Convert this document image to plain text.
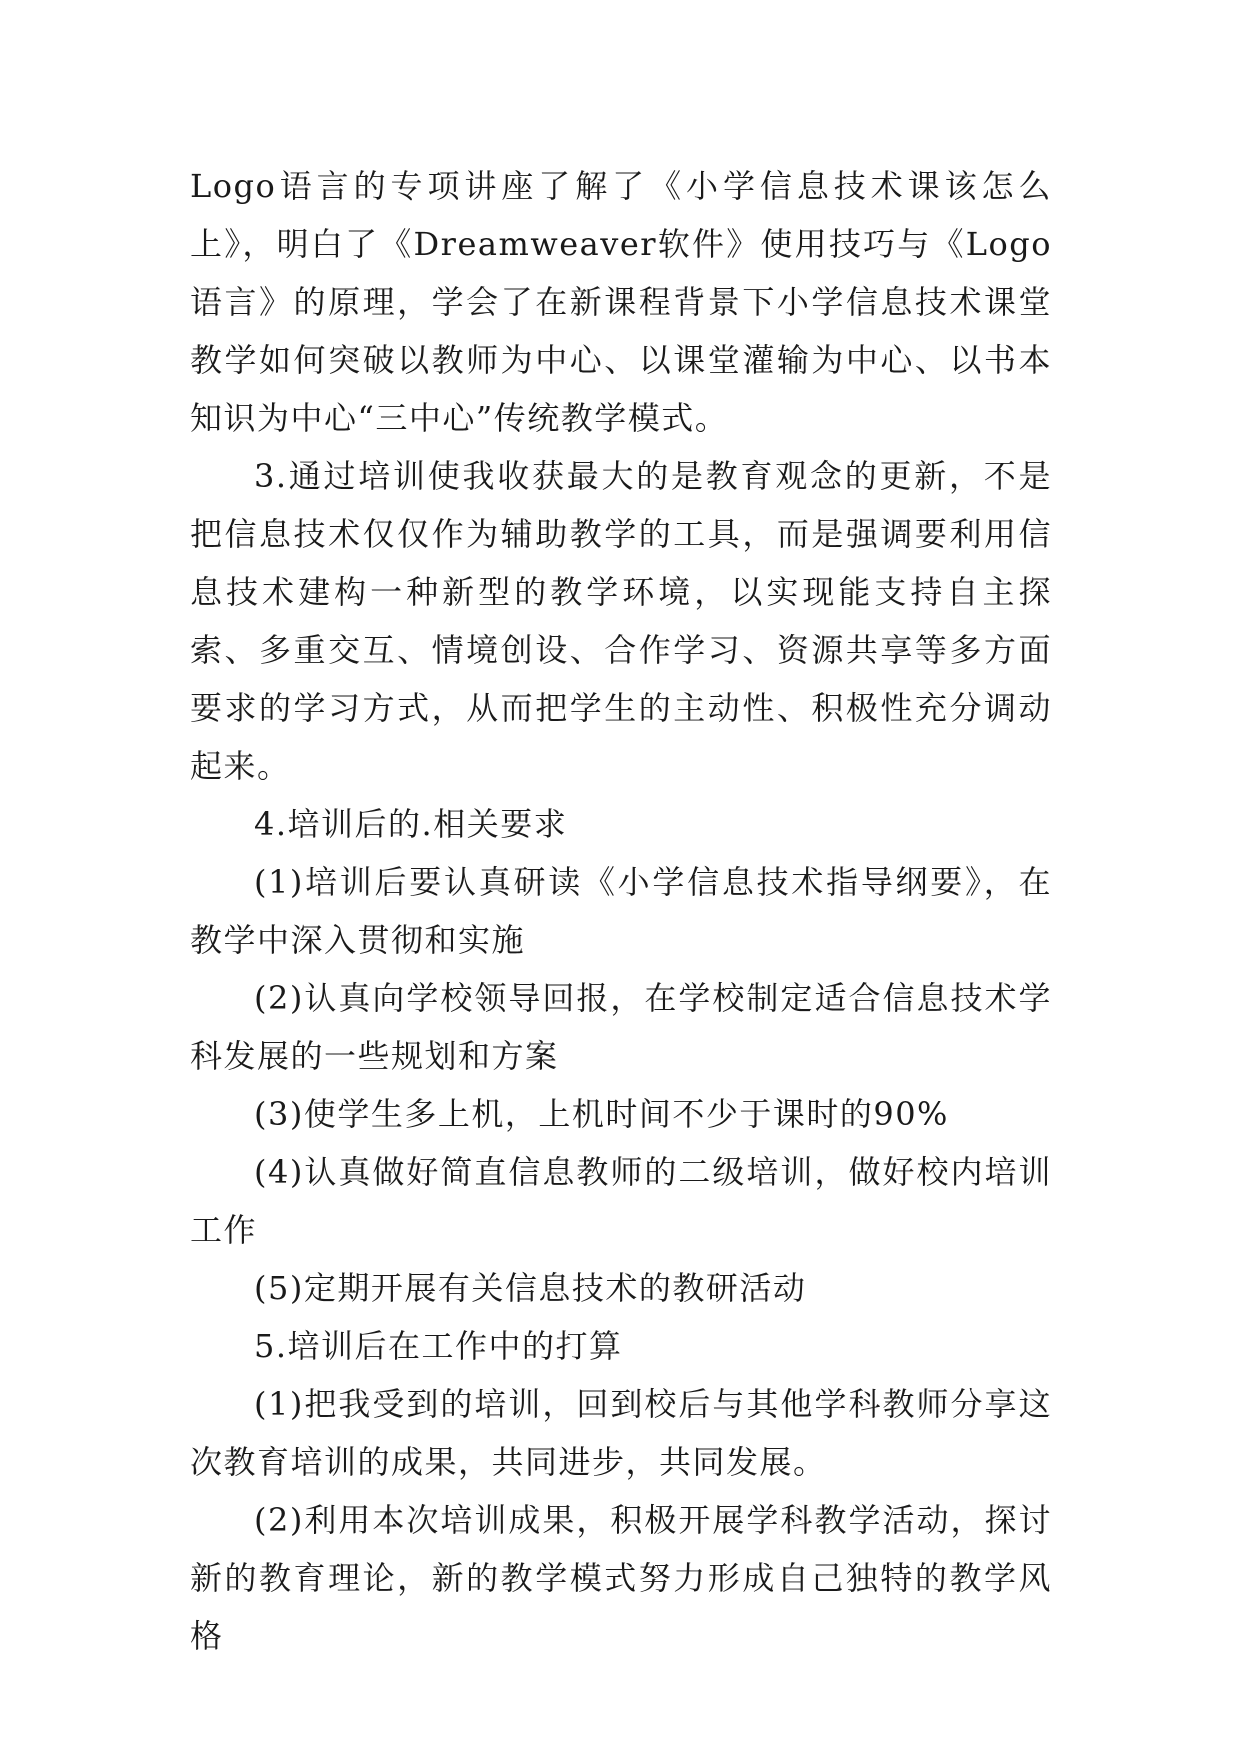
Logo语言的专项讲座了解了《小学信息技术课该怎么上》，明白了《Dreamweaver软件》使用技巧与《Logo语言》的原理，学会了在新课程背景下小学信息技术课堂教学如何突破以教师为中心、以课堂灌输为中心、以书本知识为中心“三中心”传统教学模式。

3.通过培训使我收获最大的是教育观念的更新，不是把信息技术仅仅作为辅助教学的工具，而是强调要利用信息技术建构一种新型的教学环境，以实现能支持自主探索、多重交互、情境创设、合作学习、资源共享等多方面要求的学习方式，从而把学生的主动性、积极性充分调动起来。

4.培训后的.相关要求

(1)培训后要认真研读《小学信息技术指导纲要》，在教学中深入贯彻和实施

(2)认真向学校领导回报，在学校制定适合信息技术学科发展的一些规划和方案

(3)使学生多上机，上机时间不少于课时的90%

(4)认真做好简直信息教师的二级培训，做好校内培训工作

(5)定期开展有关信息技术的教研活动

5.培训后在工作中的打算

(1)把我受到的培训，回到校后与其他学科教师分享这次教育培训的成果，共同进步，共同发展。

(2)利用本次培训成果，积极开展学科教学活动，探讨新的教育理论，新的教学模式努力形成自己独特的教学风格
